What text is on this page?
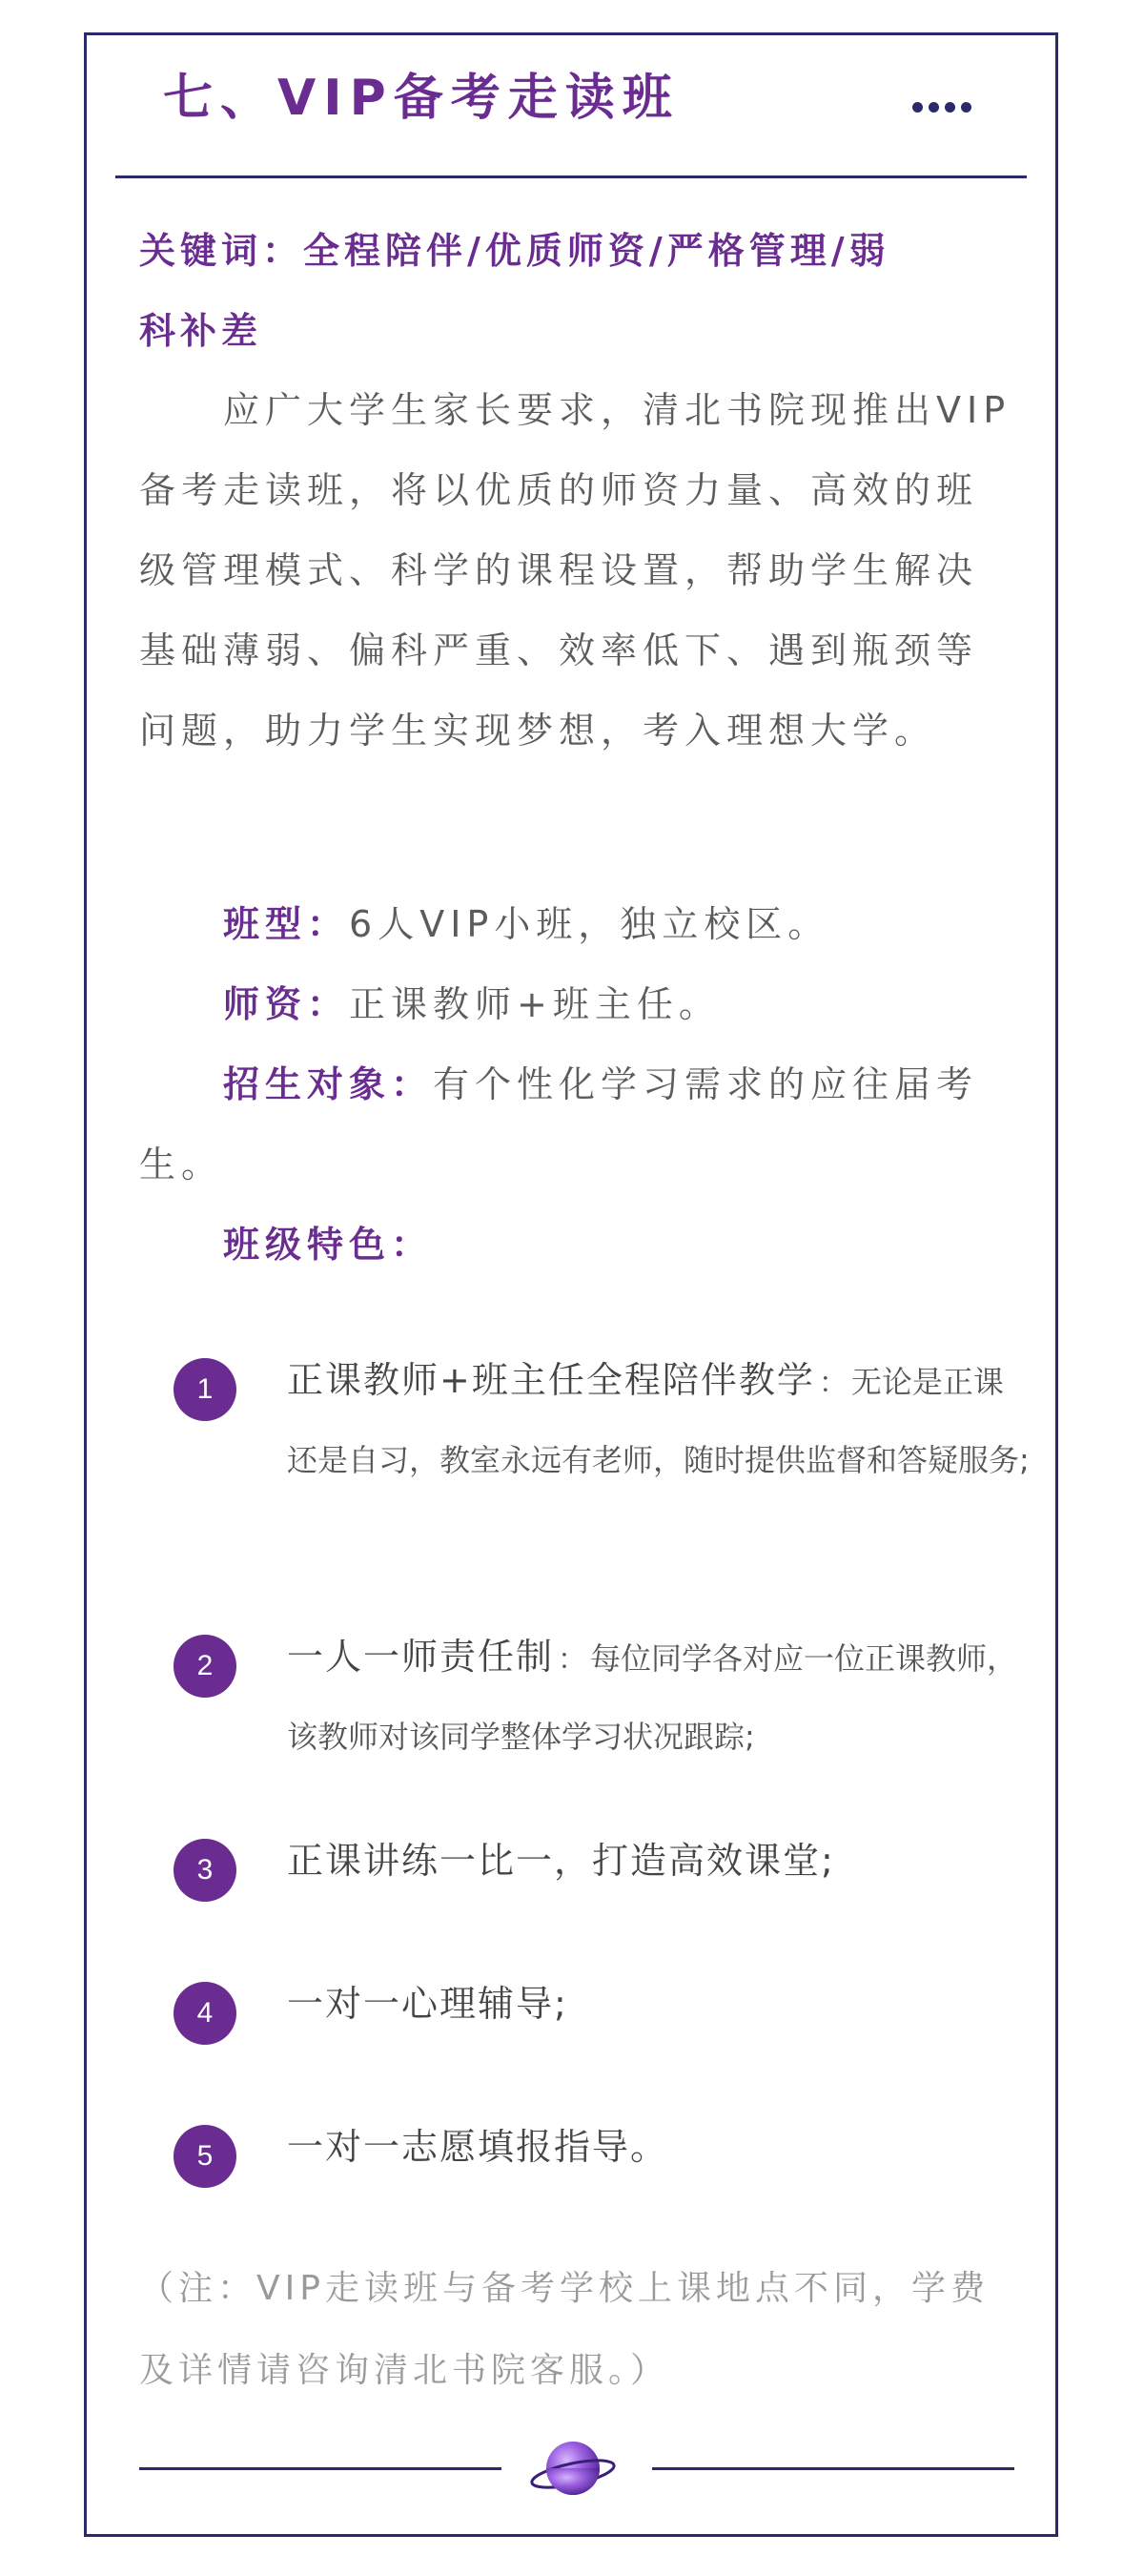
七、VIP备考走读班
关键词：全程陪伴/优质师资/严格管理/弱
科补差
应广大学生家长要求，清北书院现推出VIP备考走读班，将以优质的师资力量、高效的班级管理模式、科学的课程设置，帮助学生解决基础薄弱、偏科严重、效率低下、遇到瓶颈等问题，助力学生实现梦想，考入理想大学。
班型：6人VIP小班，独立校区。
师资：正课教师+班主任。
招生对象：有个性化学习需求的应往届考生。
班级特色：
1	正课教师+班主任全程陪伴教学 ： 无论是正课还是自习，教室永远有老师，随时提供监督和答疑服务;
2	一人一师责任制 ： 每位同学各对应一位正课教师，该教师对该同学整体学习状况跟踪;
3	正课讲练一比一，打造高效课堂;
4	一对一心理辅导;
5	一对一志愿填报指导。
（注：VIP走读班与备考学校上课地点不同，学费及详情请咨询清北书院客服。）
